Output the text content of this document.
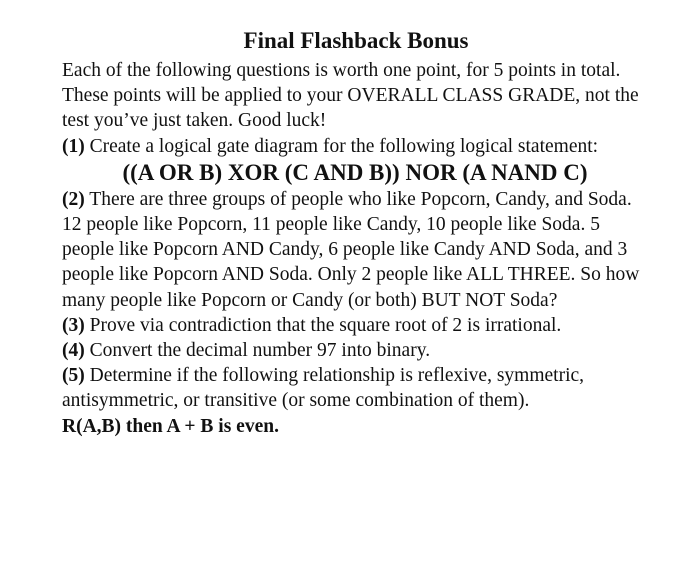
Final Flashback Bonus

Each of the following questions is worth one point, for 5 points in total. These points will be applied to your OVERALL CLASS GRADE, not the test you’ve just taken. Good luck!

(1) Create a logical gate diagram for the following logical statement:

((A OR B) XOR (C AND B)) NOR (A NAND C)

(2) There are three groups of people who like Popcorn, Candy, and Soda. 12 people like Popcorn, 11 people like Candy, 10 people like Soda. 5 people like Popcorn AND Candy, 6 people like Candy AND Soda, and 3 people like Popcorn AND Soda. Only 2 people like ALL THREE. So how many people like Popcorn or Candy (or both) BUT NOT Soda?

(3) Prove via contradiction that the square root of 2 is irrational.

(4) Convert the decimal number 97 into binary.

(5) Determine if the following relationship is reflexive, symmetric, antisymmetric, or transitive (or some combination of them).

R(A,B) then A + B is even.
